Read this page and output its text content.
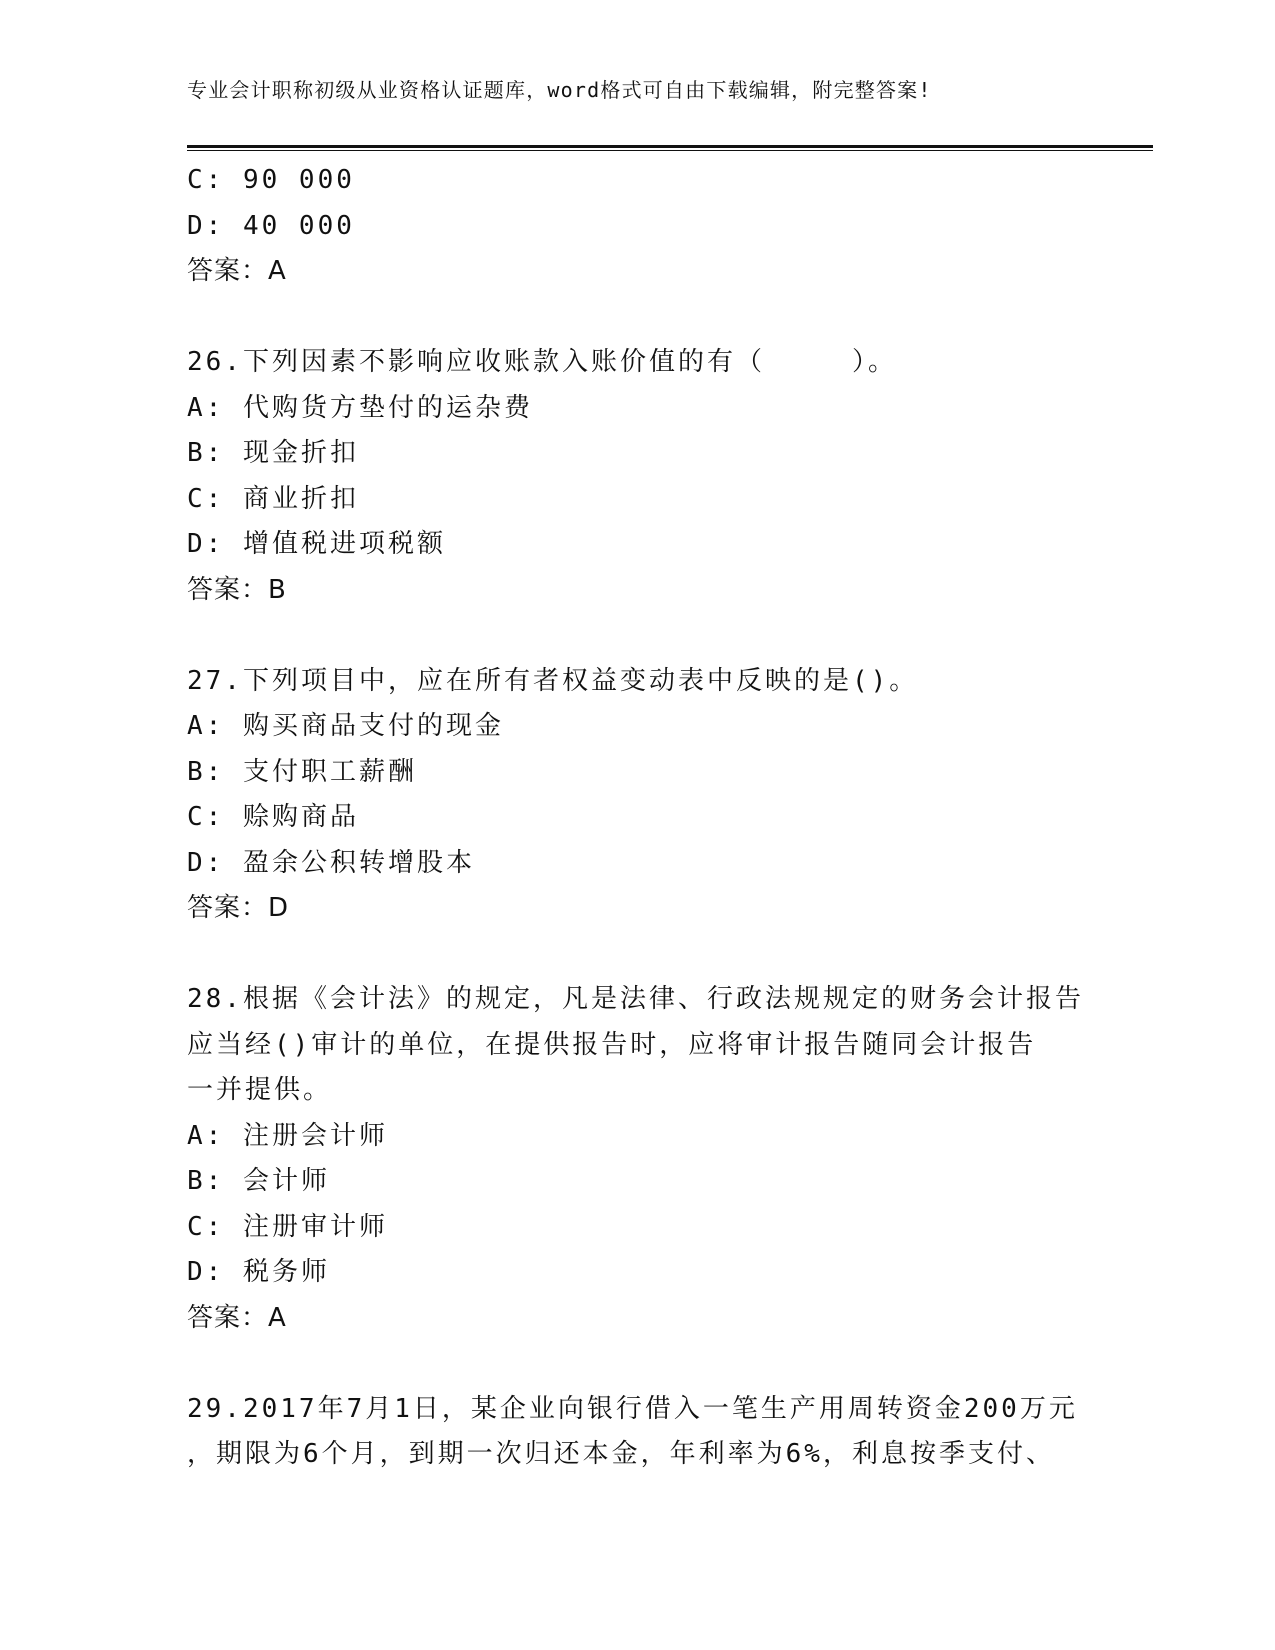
专业会计职称初级从业资格认证题库，word格式可自由下载编辑，附完整答案!
C: 90 000
D: 40 000
答案：A
26.下列因素不影响应收账款入账价值的有（　　　）。
A: 代购货方垫付的运杂费
B: 现金折扣
C: 商业折扣
D: 增值税进项税额
答案：B
27.下列项目中，应在所有者权益变动表中反映的是()。
A: 购买商品支付的现金
B: 支付职工薪酬
C: 赊购商品
D: 盈余公积转增股本
答案：D
28.根据《会计法》的规定，凡是法律、行政法规规定的财务会计报告
应当经()审计的单位，在提供报告时，应将审计报告随同会计报告
一并提供。
A: 注册会计师
B: 会计师
C: 注册审计师
D: 税务师
答案：A
29.2017年7月1日，某企业向银行借入一笔生产用周转资金200万元
，期限为6个月，到期一次归还本金，年利率为6%，利息按季支付、
